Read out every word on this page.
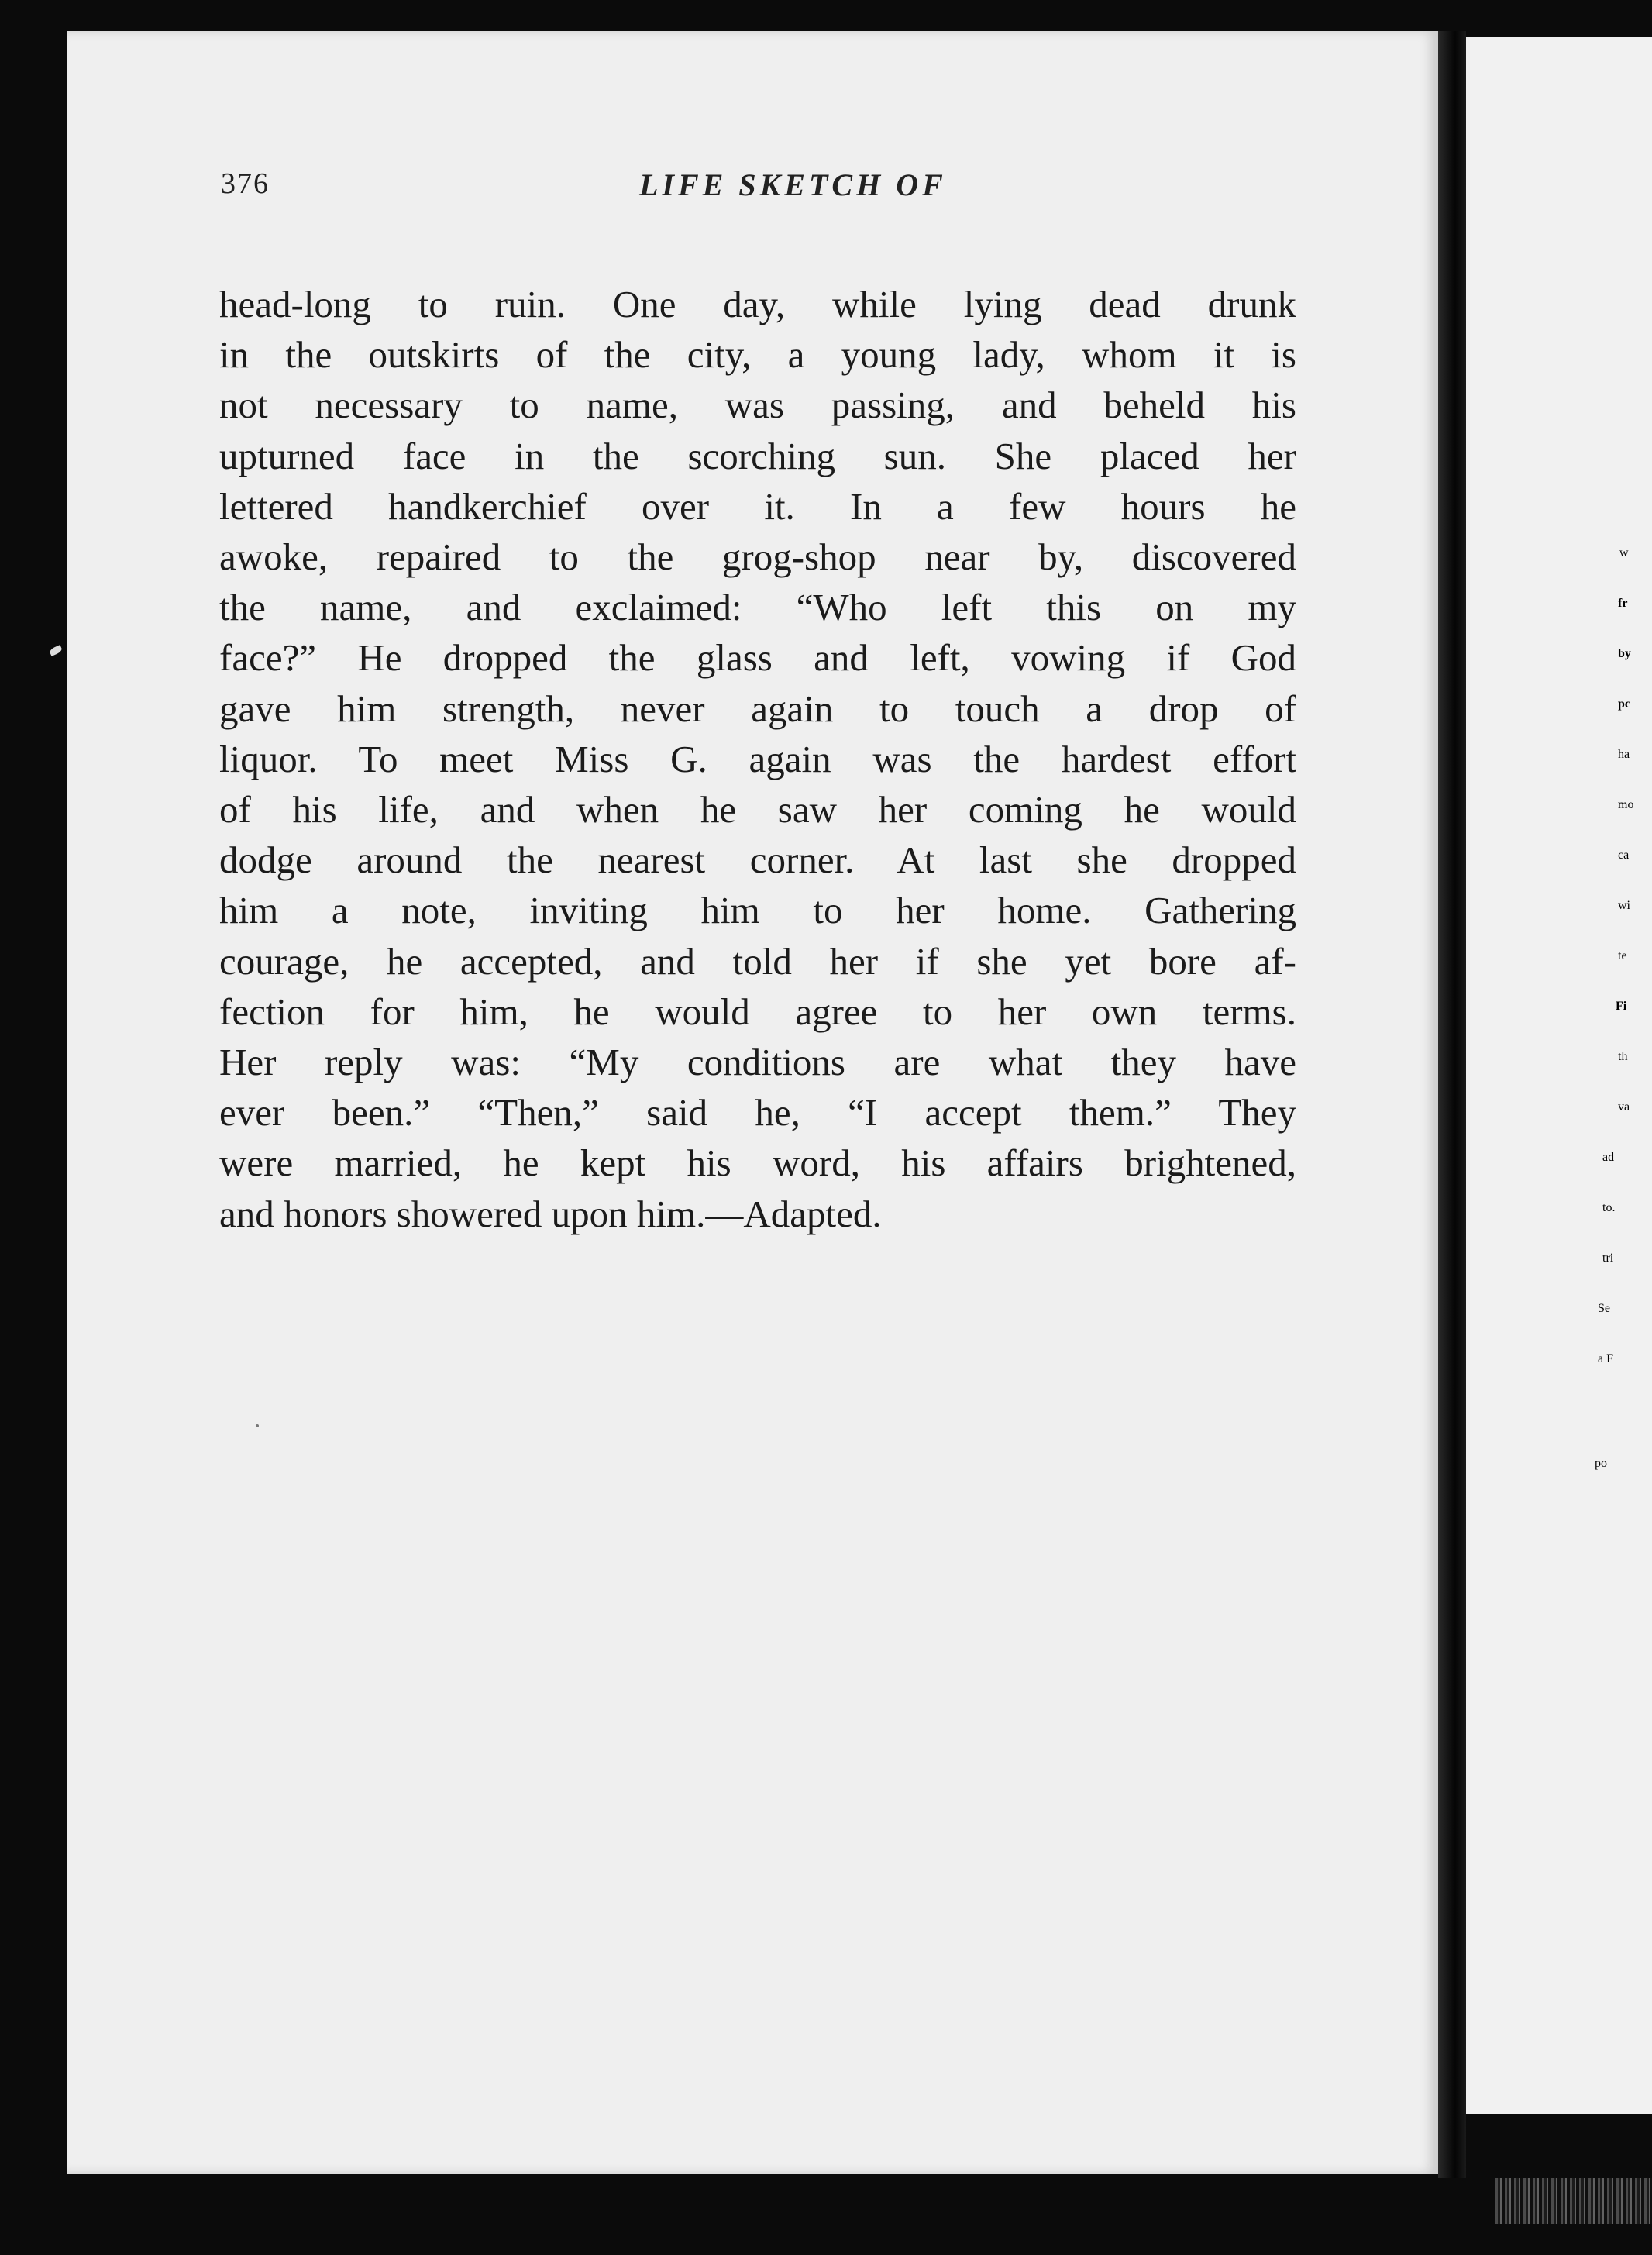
376	LIFE SKETCH OF

head-long to ruin. One day, while lying dead drunk
in the outskirts of the city, a young lady, whom it is
not necessary to name, was passing, and beheld his
upturned face in the scorching sun. She placed her
lettered handkerchief over it. In a few hours he
awoke, repaired to the grog-shop near by, discovered
the name, and exclaimed: “Who left this on my
face?” He dropped the glass and left, vowing if God
gave him strength, never again to touch a drop of
liquor. To meet Miss G. again was the hardest effort
of his life, and when he saw her coming he would
dodge around the nearest corner. At last she dropped
him a note, inviting him to her home. Gathering
courage, he accepted, and told her if she yet bore af-
fection for him, he would agree to her own terms.
Her reply was: “My conditions are what they have
ever been.” “Then,” said he, “I accept them.” They
were married, he kept his word, his affairs brightened,
and honors showered upon him.—Adapted.

w
fr
by
pc
ha
mo
ca
wi
te
Fi
th
va
ad
to.
tri
Se
a F
po
